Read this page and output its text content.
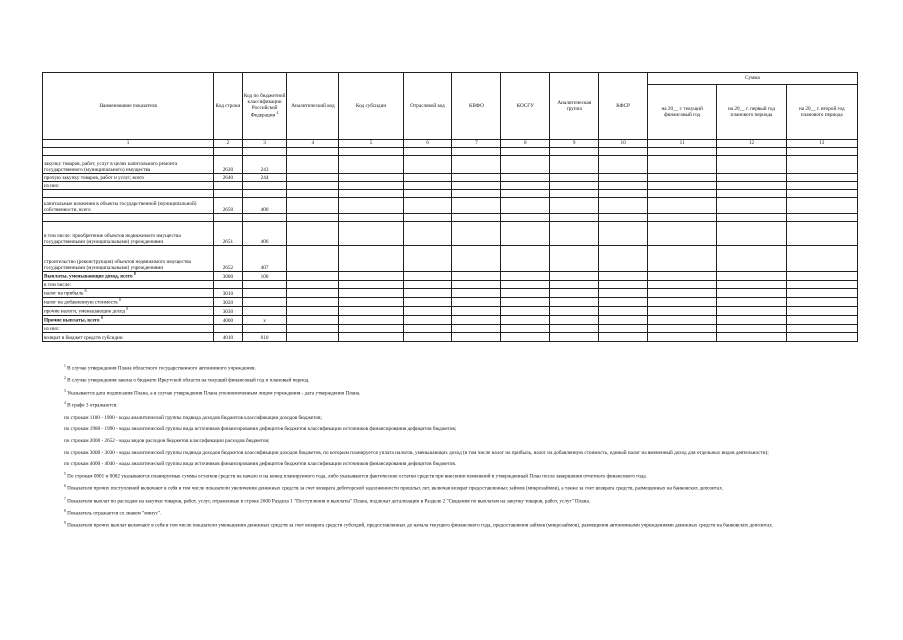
Наименование показателя	Код строки	Код по бюджетной классификации Российской Федерации $^4$	Аналитический код	Код субсидии	Отраслевой код	КВФО	КОСГУ	Аналитическая группа	КФСР	Сумма		
										на 20__ г. текущий финансовый год	на 20__ г. первый год планового периода	на 20__ г. второй год планового периода
1	2	3	4	5	6	7	8	9	10	11	12	13

закупку товаров, работ, услуг в целях капитального ремонта государственного (муниципального) имущества	2630	243										
прочую закупку товаров, работ и услуг, всего	2640	244										
из них:												

капитальные вложения в объекты государственной (муниципальной) собственности, всего	2650	400										

в том числе: приобретение объектов недвижимого имущества государственными (муниципальными) учреждениями	2651	406										
строительство (реконструкция) объектов недвижимого имущества государственными (муниципальными) учреждениями	2652	407										
Выплаты, уменьшающие доход, всего $^8$	3000	100										
в том числе:												
налог на прибыль $^8$	3010											
налог на добавленную стоимость $^8$	3020											
прочие налоги, уменьшающие доход $^8$	3030											
Прочие выплаты, всего $^9$	4000	х										
из них:												
возврат в бюджет средств субсидии	4010	610										

$^1$ В случае утверждения Плана областного государственного автономного учреждения.

$^2$ В случае утверждения закона о бюджете Иркутской области на текущий финансовый год и плановый период.

$^3$ Указывается дата подписания Плана, а в случае утверждения Плана уполномоченным лицом учреждения - дата утверждения Плана.

$^4$ В графе 3 отражаются:

по строкам 1100 - 1900 - коды аналитической группы подвида доходов бюджетов классификации доходов бюджетов;

по строкам 1980 - 1990 - коды аналитической группы вида источников финансирования дефицитов бюджетов классификации источников финансирования дефицитов бюджетов;

по строкам 2000 - 2652 - коды видов расходов бюджетов классификации расходов бюджетов;

по строкам 3000 - 3030 - коды аналитической группы подвида доходов бюджетов классификации доходов бюджетов, по которым планируется уплата налогов, уменьшающих доход (в том числе налог на прибыль, налог на добавленную стоимость, единый налог на вмененный доход для отдельных видов деятельности);

по строкам 4000 - 4040 - коды аналитической группы вида источников финансирования дефицитов бюджетов классификации источников финансирования дефицитов бюджетов.

$^5$ По строкам 0001 и 0002 указываются планируемые суммы остатков средств на начало и на конец планируемого года, либо указываются фактические остатки средств при внесении изменений в утвержденный План после завершения отчетного финансового года.

$^6$ Показатели прочих поступлений включают в себя в том числе показатели увеличения денежных средств за счет возврата дебиторской задолженности прошлых лет, включая возврат предоставленных займов (микрозаймов), а также за счет возврата средств, размещенных на банковских депозитах.

$^7$ Показатели выплат по расходам на закупки товаров, работ, услуг, отраженные в строке 2600 Раздела 1 "Поступления и выплаты" Плана, подлежат детализации в Разделе 2 "Сведения по выплатам на закупку товаров, работ, услуг" Плана.

$^8$ Показатель отражается со знаком "минус".

$^9$ Показатели прочих выплат включают в себя в том числе показатели уменьшения денежных средств за счет возврата средств субсидий, предоставленных до начала текущего финансового года, предоставления займов (микрозаймов), размещения автономными учреждениями денежных средств на банковских депозитах.
